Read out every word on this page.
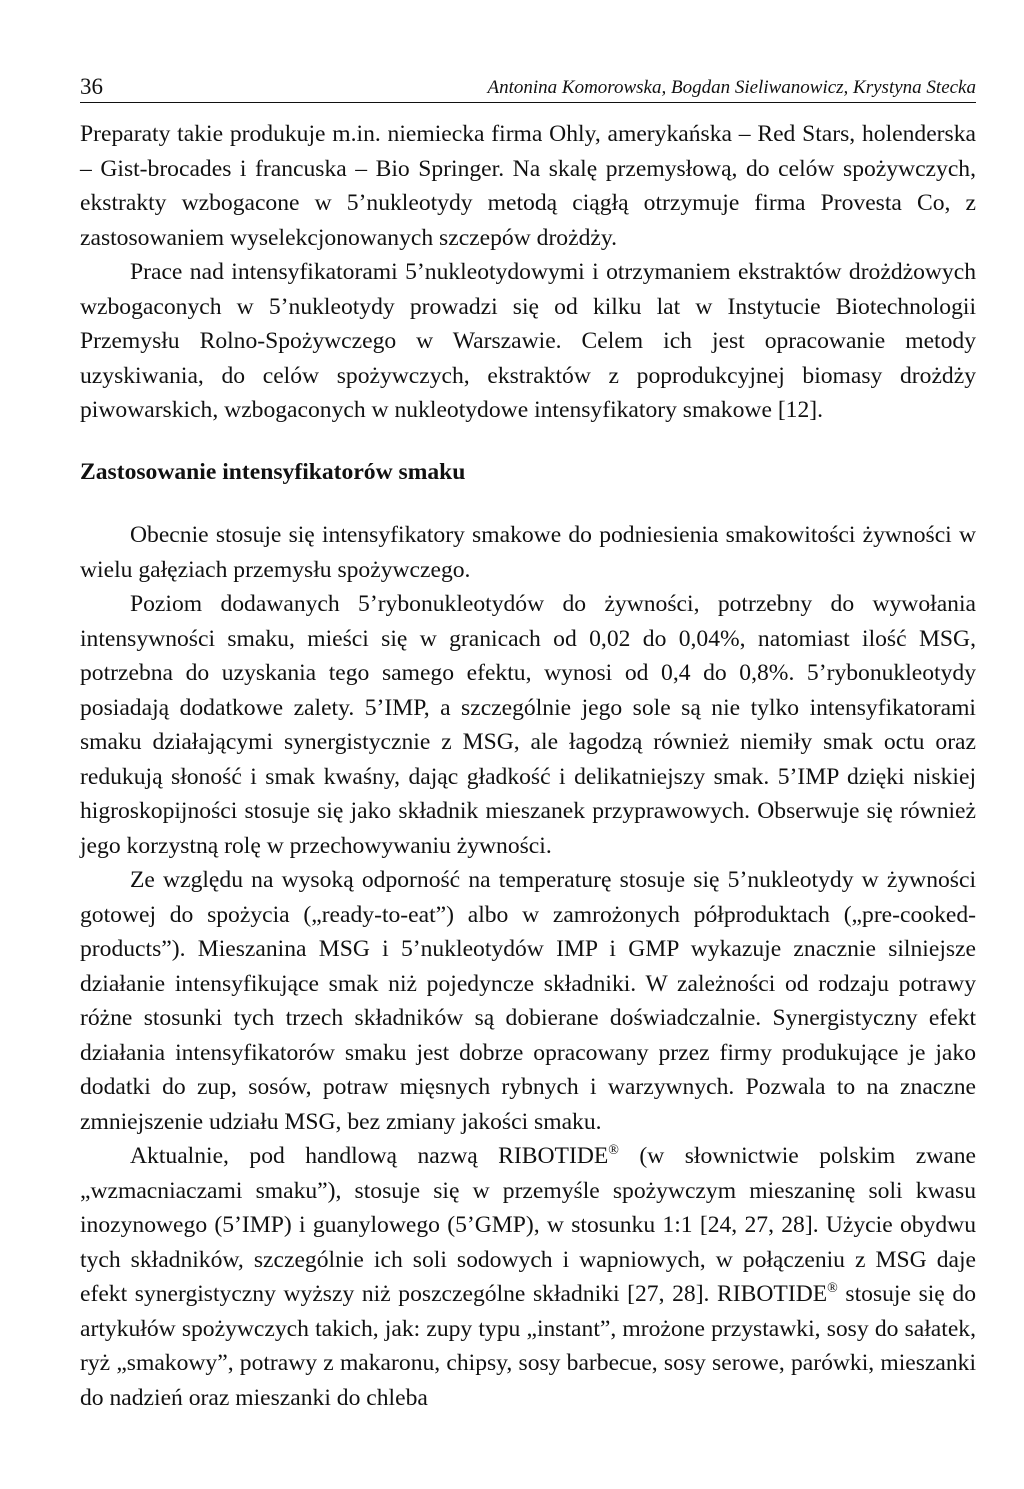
36	Antonina Komorowska, Bogdan Sieliwanowicz, Krystyna Stecka

Preparaty takie produkuje m.in. niemiecka firma Ohly, amerykańska – Red Stars, holenderska – Gist-brocades i francuska – Bio Springer. Na skalę przemysłową, do celów spożywczych, ekstrakty wzbogacone w 5’nukleotydy metodą ciągłą otrzymuje firma Provesta Co, z zastosowaniem wyselekcjonowanych szczepów drożdży.

Prace nad intensyfikatorami 5’nukleotydowymi i otrzymaniem ekstraktów drożdżowych wzbogaconych w 5’nukleotydy prowadzi się od kilku lat w Instytucie Biotechnologii Przemysłu Rolno-Spożywczego w Warszawie. Celem ich jest opracowanie metody uzyskiwania, do celów spożywczych, ekstraktów z poprodukcyjnej biomasy drożdży piwowarskich, wzbogaconych w nukleotydowe intensyfikatory smakowe [12].

Zastosowanie intensyfikatorów smaku

Obecnie stosuje się intensyfikatory smakowe do podniesienia smakowitości żywności w wielu gałęziach przemysłu spożywczego.

Poziom dodawanych 5’rybonukleotydów do żywności, potrzebny do wywołania intensywności smaku, mieści się w granicach od 0,02 do 0,04%, natomiast ilość MSG, potrzebna do uzyskania tego samego efektu, wynosi od 0,4 do 0,8%. 5’rybonukleotydy posiadają dodatkowe zalety. 5’IMP, a szczególnie jego sole są nie tylko intensyfikatorami smaku działającymi synergistycznie z MSG, ale łagodzą również niemiły smak octu oraz redukują słoność i smak kwaśny, dając gładkość i delikatniejszy smak. 5’IMP dzięki niskiej higroskopijności stosuje się jako składnik mieszanek przyprawowych. Obserwuje się również jego korzystną rolę w przechowywaniu żywności.

Ze względu na wysoką odporność na temperaturę stosuje się 5’nukleotydy w żywności gotowej do spożycia („ready-to-eat”) albo w zamrożonych półproduktach („pre-cooked-products”). Mieszanina MSG i 5’nukleotydów IMP i GMP wykazuje znacznie silniejsze działanie intensyfikujące smak niż pojedyncze składniki. W zależności od rodzaju potrawy różne stosunki tych trzech składników są dobierane doświadczalnie. Synergistyczny efekt działania intensyfikatorów smaku jest dobrze opracowany przez firmy produkujące je jako dodatki do zup, sosów, potraw mięsnych rybnych i warzywnych. Pozwala to na znaczne zmniejszenie udziału MSG, bez zmiany jakości smaku.

Aktualnie, pod handlową nazwą RIBOTIDE® (w słownictwie polskim zwane „wzmacniaczami smaku”), stosuje się w przemyśle spożywczym mieszaninę soli kwasu inozynowego (5’IMP) i guanylowego (5’GMP), w stosunku 1:1 [24, 27, 28]. Użycie obydwu tych składników, szczególnie ich soli sodowych i wapniowych, w połączeniu z MSG daje efekt synergistyczny wyższy niż poszczególne składniki [27, 28]. RIBOTIDE® stosuje się do artykułów spożywczych takich, jak: zupy typu „instant”, mrożone przystawki, sosy do sałatek, ryż „smakowy”, potrawy z makaronu, chipsy, sosy barbecue, sosy serowe, parówki, mieszanki do nadzień oraz mieszanki do chleba
